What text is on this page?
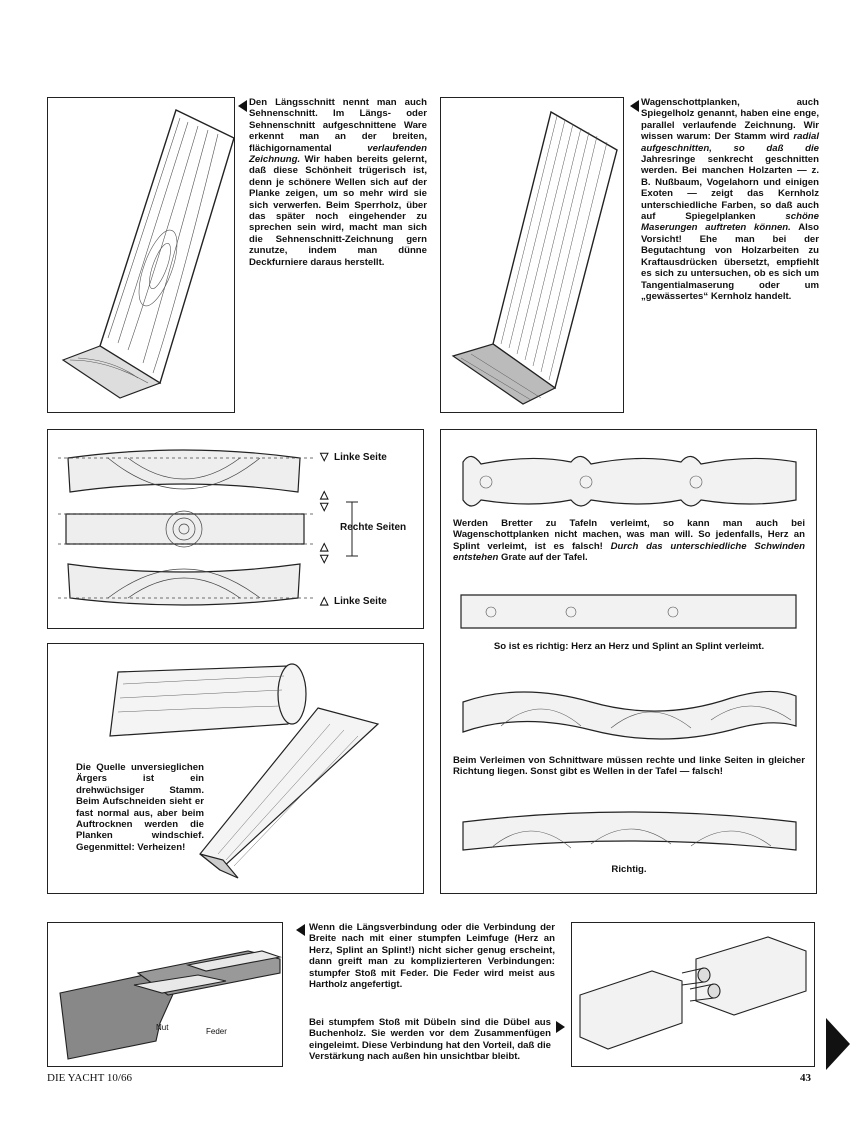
Den Längsschnitt nennt man auch Sehnenschnitt. Im Längs- oder Sehnenschnitt aufgeschnittene Ware erkennt man an der breiten, flächigornamental verlaufenden Zeichnung. Wir haben bereits gelernt, daß diese Schönheit trügerisch ist, denn je schönere Wellen sich auf der Planke zeigen, um so mehr wird sie sich verwerfen. Beim Sperrholz, über das später noch eingehender zu sprechen sein wird, macht man sich die Sehnenschnitt-Zeichnung gern zunutze, indem man dünne Deckfurniere daraus herstellt.

Wagenschottplanken, auch Spiegelholz genannt, haben eine enge, parallel verlaufende Zeichnung. Wir wissen warum: Der Stamm wird radial aufgeschnitten, so daß die Jahresringe senkrecht geschnitten werden. Bei manchen Holzarten — z. B. Nußbaum, Vogelahorn und einigen Exoten — zeigt das Kernholz unterschiedliche Farben, so daß auch auf Spiegelplanken schöne Maserungen auftreten können. Also Vorsicht! Ehe man bei der Begutachtung von Holzarbeiten zu Kraftausdrücken übersetzt, empfiehlt es sich zu untersuchen, ob es sich um Tangentialmaserung oder um „gewässertes“ Kernholz handelt.

▽ Linke Seite
Rechte Seiten
△
▽
△
▽
△ Linke Seite

Werden Bretter zu Tafeln verleimt, so kann man auch bei Wagenschottplanken nicht machen, was man will. So jedenfalls, Herz an Splint verleimt, ist es falsch! Durch das unterschiedliche Schwinden entstehen Grate auf der Tafel.

So ist es richtig: Herz an Herz und Splint an Splint verleimt.

Beim Verleimen von Schnittware müssen rechte und linke Seiten in gleicher Richtung liegen. Sonst gibt es Wellen in der Tafel — falsch!

Richtig.

Die Quelle unversieglichen Ärgers ist ein drehwüchsiger Stamm. Beim Aufschneiden sieht er fast normal aus, aber beim Auftrocknen werden die Planken windschief. Gegenmittel: Verheizen!

Nut	Feder

Wenn die Längsverbindung oder die Verbindung der Breite nach mit einer stumpfen Leimfuge (Herz an Herz, Splint an Splint!) nicht sicher genug erscheint, dann greift man zu komplizierteren Verbindungen: stumpfer Stoß mit Feder. Die Feder wird meist aus Hartholz angefertigt.

Bei stumpfem Stoß mit Dübeln sind die Dübel aus Buchenholz. Sie werden vor dem Zusammenfügen eingeleimt. Diese Verbindung hat den Vorteil, daß die Verstärkung nach außen hin unsichtbar bleibt.

DIE YACHT 10/66	43
